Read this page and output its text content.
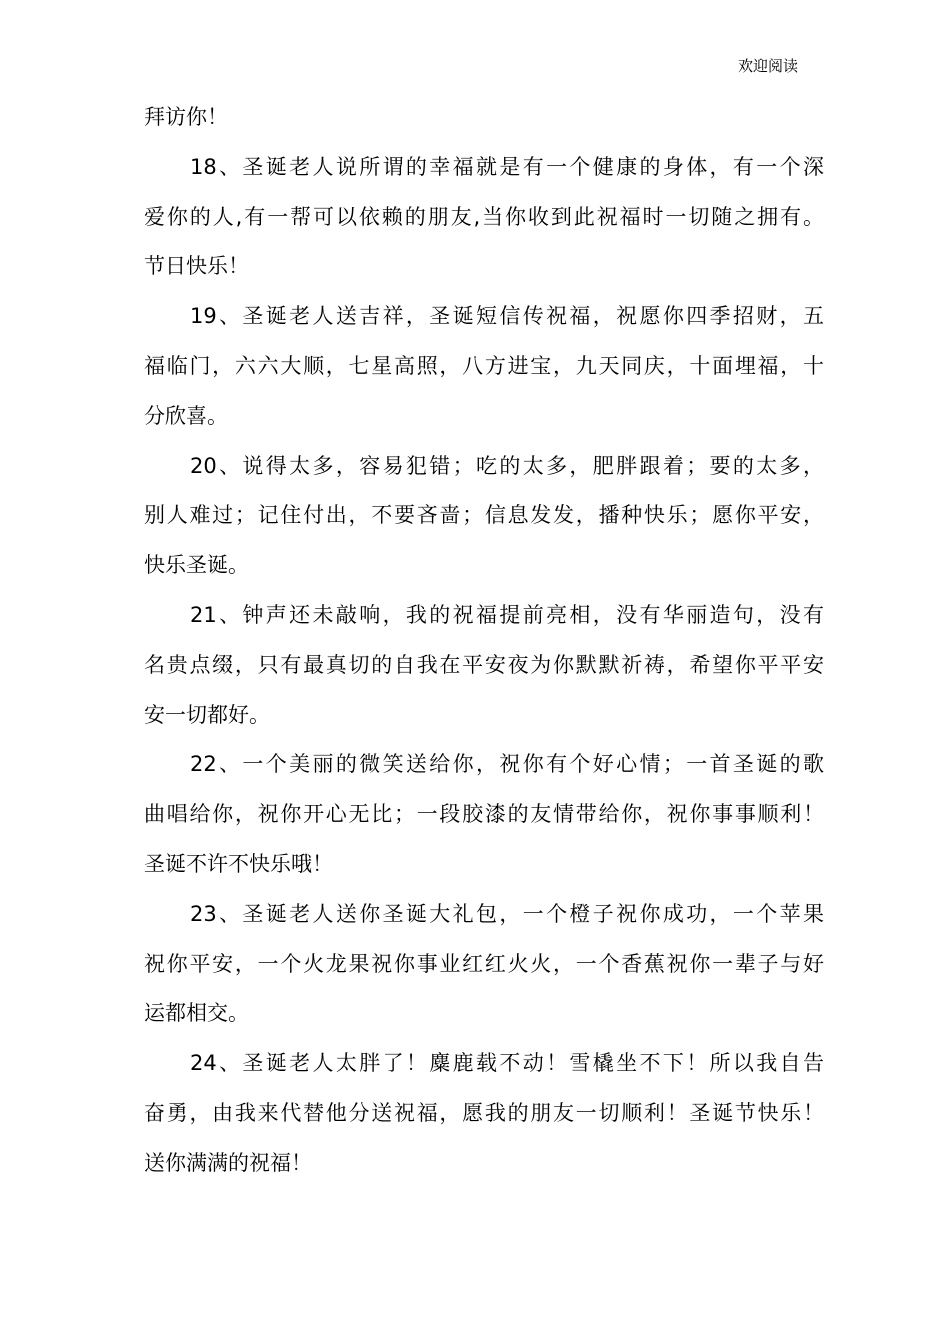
欢迎阅读
拜访你！
18、圣诞老人说所谓的幸福就是有一个健康的身体，有一个深
爱你的人,有一帮可以依赖的朋友,当你收到此祝福时一切随之拥有。
节日快乐！
19、圣诞老人送吉祥，圣诞短信传祝福，祝愿你四季招财，五
福临门，六六大顺，七星高照，八方进宝，九天同庆，十面埋福，十
分欣喜。
20、说得太多，容易犯错；吃的太多，肥胖跟着；要的太多，
别人难过；记住付出，不要吝啬；信息发发，播种快乐；愿你平安，
快乐圣诞。
21、钟声还未敲响，我的祝福提前亮相，没有华丽造句，没有
名贵点缀，只有最真切的自我在平安夜为你默默祈祷，希望你平平安
安一切都好。
22、一个美丽的微笑送给你，祝你有个好心情；一首圣诞的歌
曲唱给你，祝你开心无比；一段胶漆的友情带给你，祝你事事顺利！
圣诞不许不快乐哦！
23、圣诞老人送你圣诞大礼包，一个橙子祝你成功，一个苹果
祝你平安，一个火龙果祝你事业红红火火，一个香蕉祝你一辈子与好
运都相交。
24、圣诞老人太胖了！麋鹿载不动！雪橇坐不下！所以我自告
奋勇，由我来代替他分送祝福，愿我的朋友一切顺利！圣诞节快乐！
送你满满的祝福！
